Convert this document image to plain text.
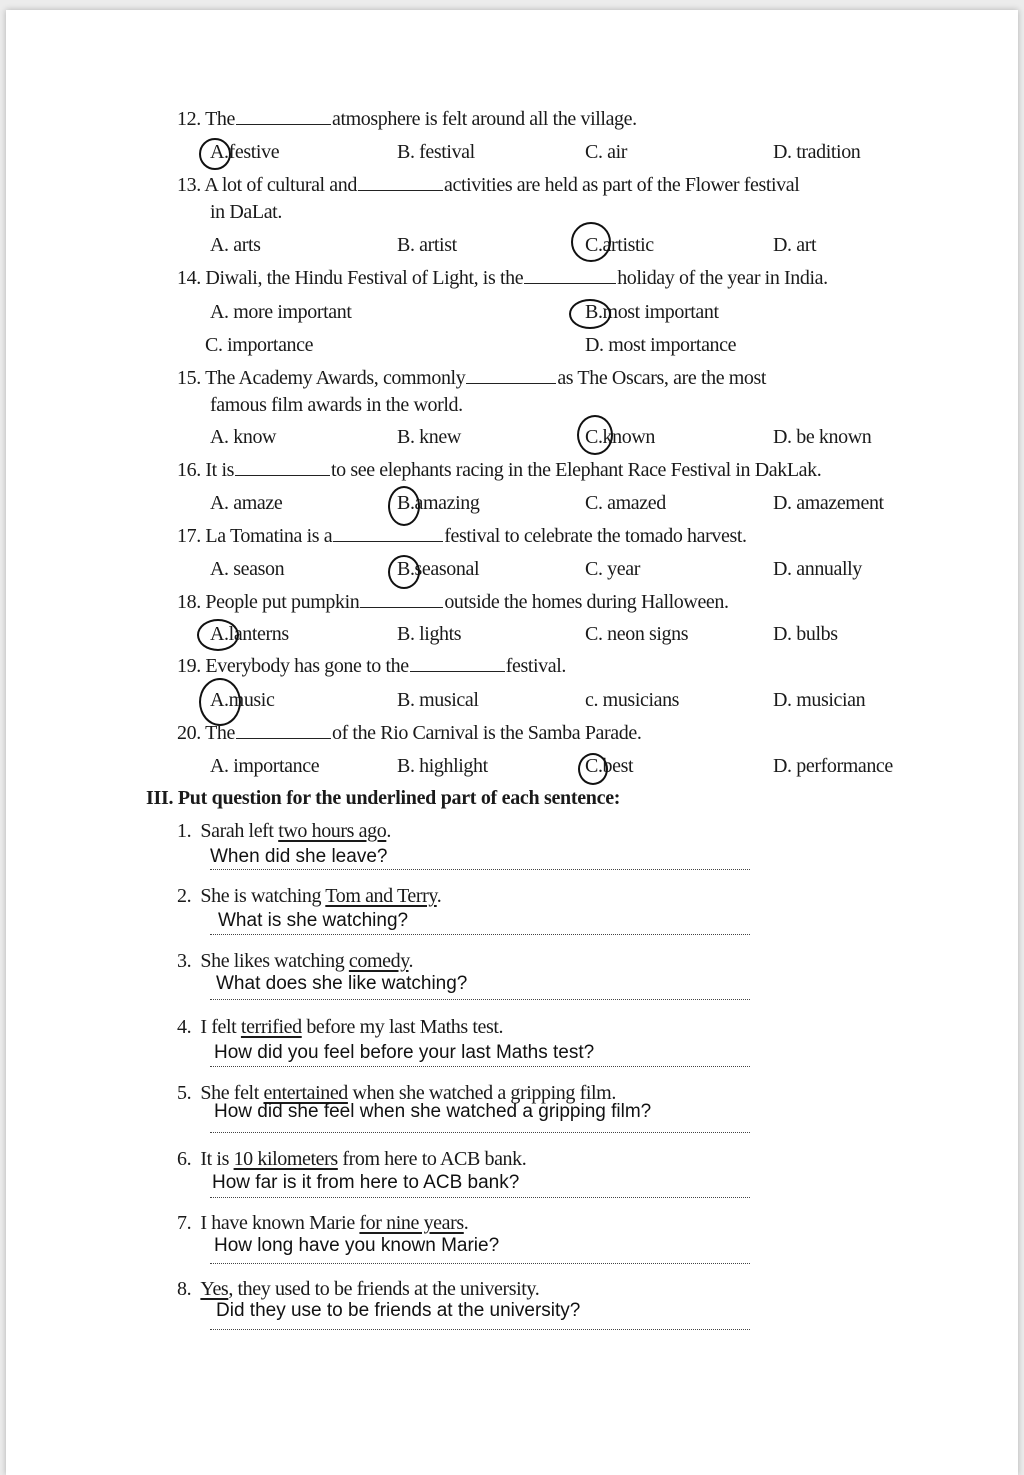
12. The	atmosphere is felt around all the village.
A.festive	B. festival	C. air	D. tradition
13. A lot of cultural and	activities are held as part of the Flower festival
in DaLat.
A. arts	B. artist	C.artistic	D. art
14. Diwali, the Hindu Festival of Light, is the	holiday of the year in India.
A. more important	B.most important
C. importance	D. most importance
15. The Academy Awards, commonly	as The Oscars, are the most
famous film awards in the world.
A. know	B. knew	C.known	D. be known
16. It is	to see elephants racing in the Elephant Race Festival in DakLak.
A. amaze	B.amazing	C. amazed	D. amazement
17. La Tomatina is a	festival to celebrate the tomado harvest.
A. season	B.seasonal	C. year	D. annually
18. People put pumpkin	outside the homes during Halloween.
A.lanterns	B. lights	C. neon signs	D. bulbs
19. Everybody has gone to the	festival.
A.music	B. musical	c. musicians	D. musician
20. The	of the Rio Carnival is the Samba Parade.
A. importance	B. highlight	C.best	D. performance
III. Put question for the underlined part of each sentence:
1. Sarah left two hours ago.
When did she leave?
2. She is watching Tom and Terry.
What is she watching?
3. She likes watching comedy.
What does she like watching?
4. I felt terrified before my last Maths test.
How did you feel before your last Maths test?
5. She felt entertained when she watched a gripping film.
How did she feel when she watched a gripping film?
6. It is 10 kilometers from here to ACB bank.
How far is it from here to ACB bank?
7. I have known Marie for nine years.
How long have you known Marie?
8. Yes, they used to be friends at the university.
Did they use to be friends at the university?
